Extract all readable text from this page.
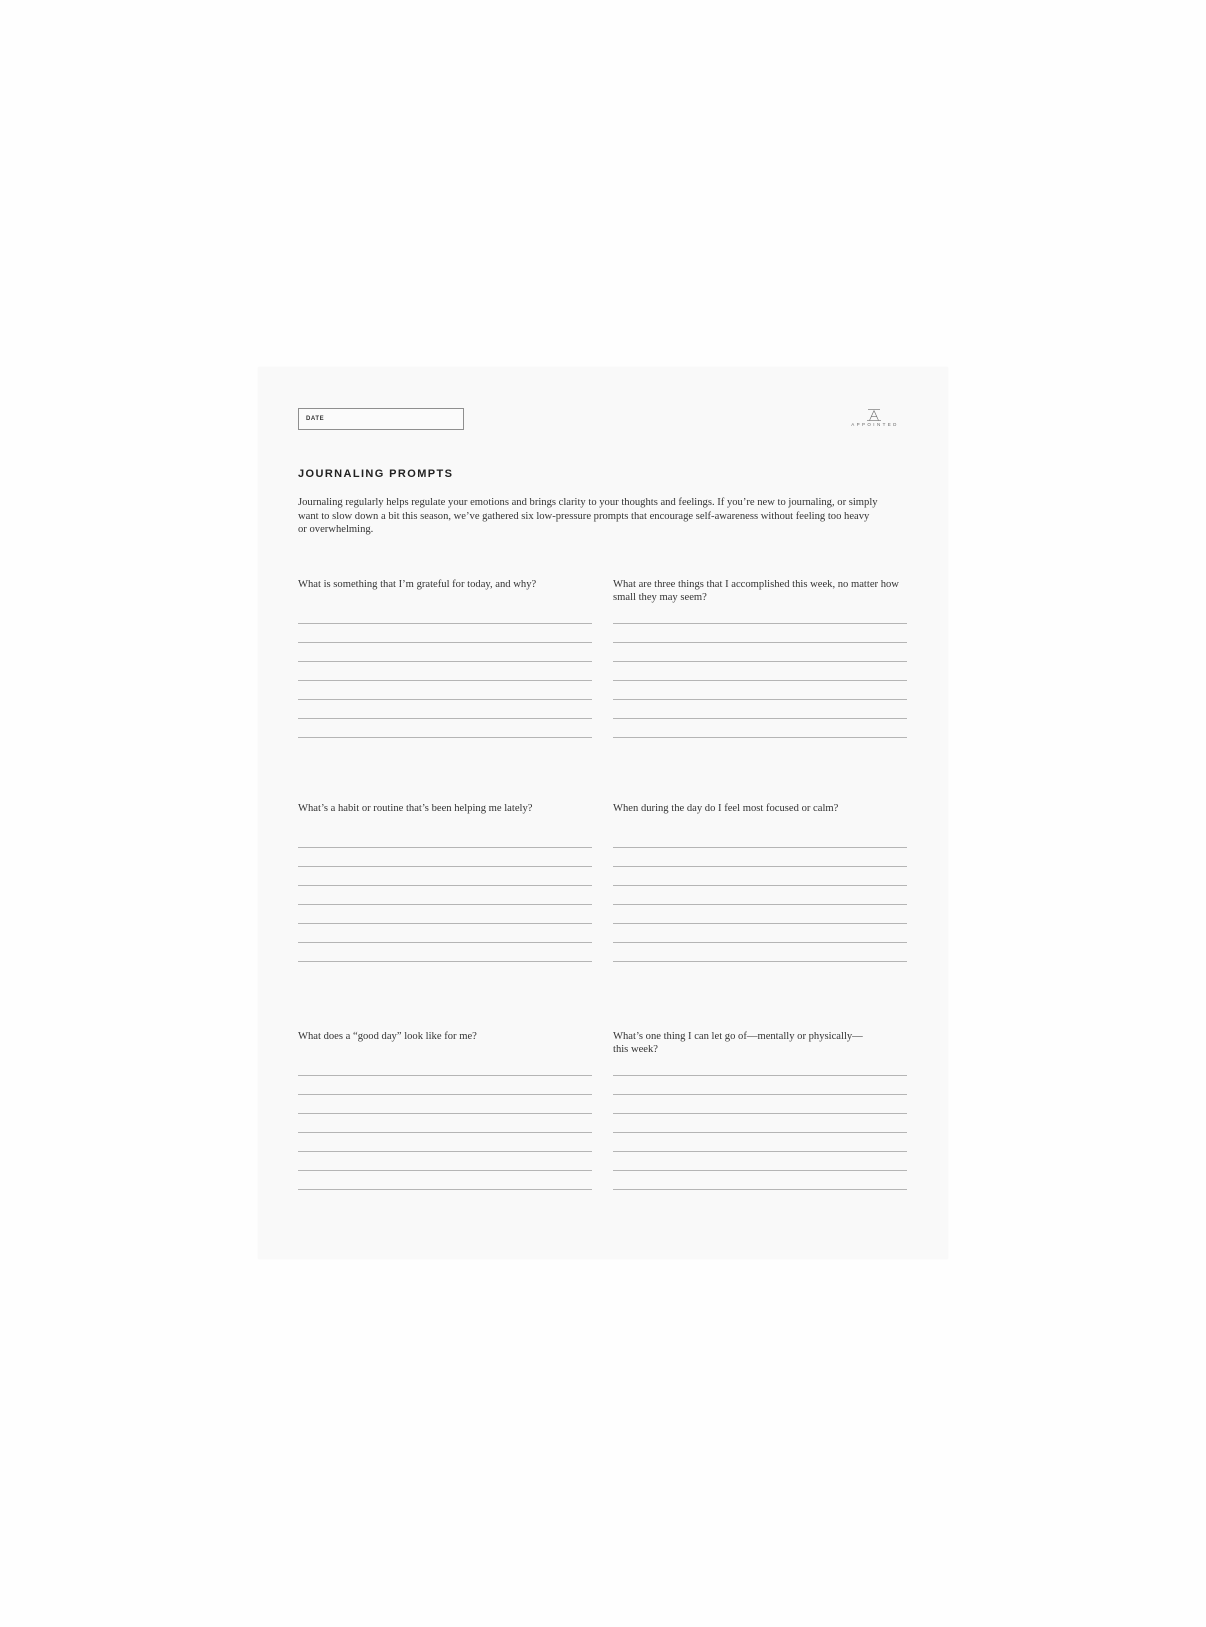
DATE
APPOINTED
JOURNALING PROMPTS

Journaling regularly helps regulate your emotions and brings clarity to your thoughts and feelings. If you’re new to journaling, or simply want to slow down a bit this season, we’ve gathered six low-pressure prompts that encourage self-awareness without feeling too heavy or overwhelming.

What is something that I’m grateful for today, and why?	What are three things that I accomplished this week, no matter how small they may seem?

What’s a habit or routine that’s been helping me lately?	When during the day do I feel most focused or calm?

What does a “good day” look like for me?	What’s one thing I can let go of—mentally or physically—this week?
